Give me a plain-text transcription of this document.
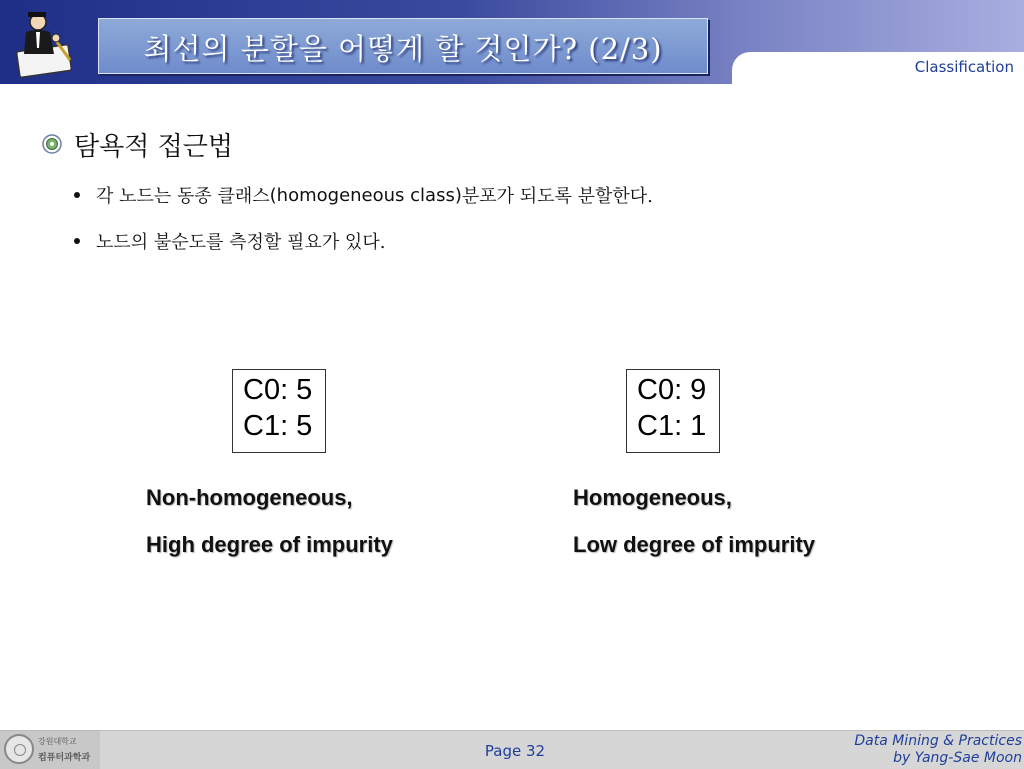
최선의 분할을 어떻게 할 것인가? (2/3)
Classification
탐욕적 접근법
각 노드는 동종 클래스 (homogeneous class) 분포가 되도록 분할한다.
노드의 불순도를 측정할 필요가 있다.
C0: 5
C1: 5
C0: 9
C1: 1
Non-homogeneous,
High degree of impurity
Homogeneous,
Low degree of impurity
강원대학교
컴퓨터과학과	Page 32
Data Mining & Practices
by Yang-Sae Moon
